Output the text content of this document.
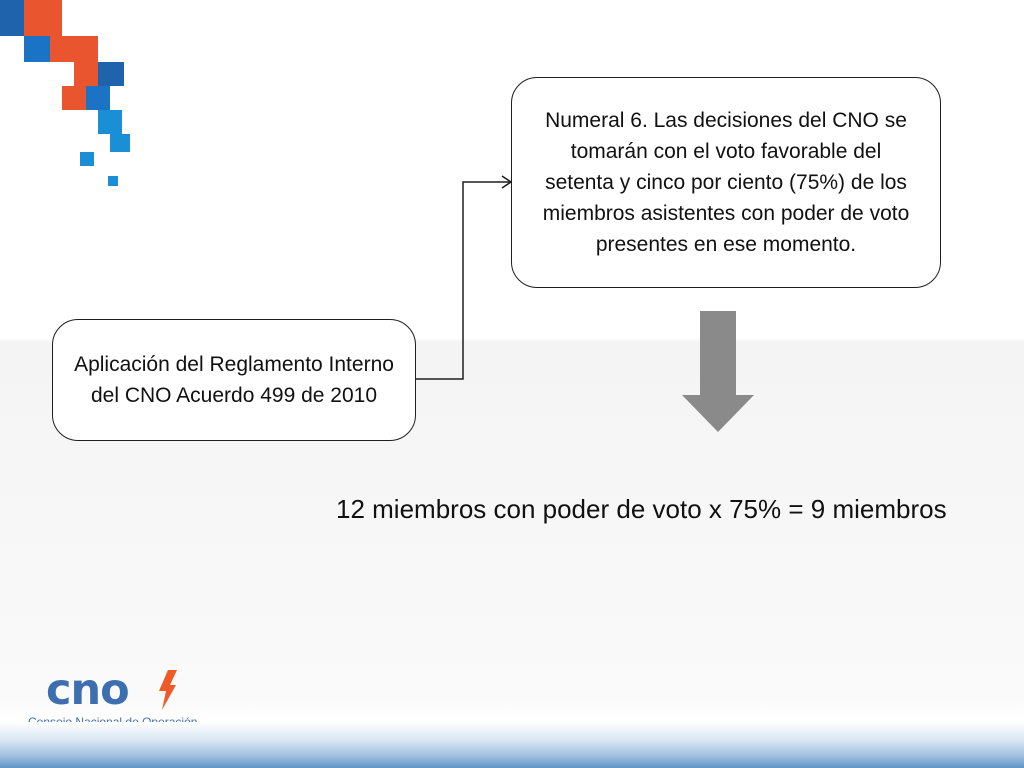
Aplicación del Reglamento Interno del CNO Acuerdo 499 de 2010
Numeral 6. Las decisiones del CNO se tomarán con el voto favorable del setenta y cinco por ciento (75%) de los miembros asistentes con poder de voto presentes en ese momento.
12 miembros con poder de voto x 75% = 9 miembros
cno
